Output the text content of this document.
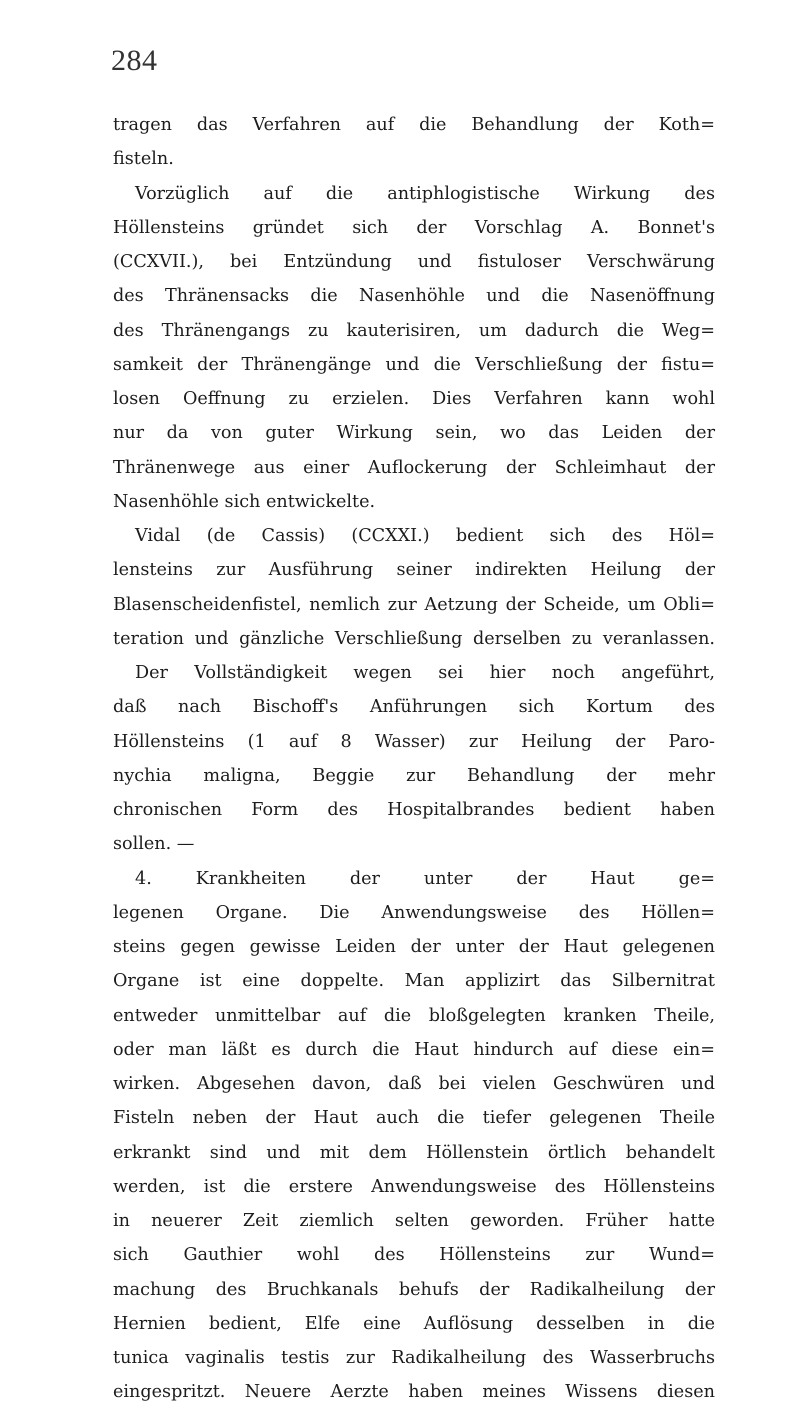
284
tragen das Verfahren auf die Behandlung der Koth=
fisteln.
Vorzüglich auf die antiphlogistische Wirkung des
Höllensteins gründet sich der Vorschlag A. Bonnet's
(CCXVII.), bei Entzündung und fistuloser Verschwärung
des Thränensacks die Nasenhöhle und die Nasenöffnung
des Thränengangs zu kauterisiren, um dadurch die Weg=
samkeit der Thränengänge und die Verschließung der fistu=
losen Oeffnung zu erzielen. Dies Verfahren kann wohl
nur da von guter Wirkung sein, wo das Leiden der
Thränenwege aus einer Auflockerung der Schleimhaut der
Nasenhöhle sich entwickelte.
Vidal (de Cassis) (CCXXI.) bedient sich des Höl=
lensteins zur Ausführung seiner indirekten Heilung der
Blasenscheidenfistel, nemlich zur Aetzung der Scheide, um Obli=
teration und gänzliche Verschließung derselben zu veranlassen.
Der Vollständigkeit wegen sei hier noch angeführt,
daß nach Bischoff's Anführungen sich Kortum des
Höllensteins (1 auf 8 Wasser) zur Heilung der Paro-
nychia maligna, Beggie zur Behandlung der mehr
chronischen Form des Hospitalbrandes bedient haben
sollen. —
4. Krankheiten der unter der Haut ge=
legenen Organe. Die Anwendungsweise des Höllen=
steins gegen gewisse Leiden der unter der Haut gelegenen
Organe ist eine doppelte. Man applizirt das Silbernitrat
entweder unmittelbar auf die bloßgelegten kranken Theile,
oder man läßt es durch die Haut hindurch auf diese ein=
wirken. Abgesehen davon, daß bei vielen Geschwüren und
Fisteln neben der Haut auch die tiefer gelegenen Theile
erkrankt sind und mit dem Höllenstein örtlich behandelt
werden, ist die erstere Anwendungsweise des Höllensteins
in neuerer Zeit ziemlich selten geworden. Früher hatte
sich Gauthier wohl des Höllensteins zur Wund=
machung des Bruchkanals behufs der Radikalheilung der
Hernien bedient, Elfe eine Auflösung desselben in die
tunica vaginalis testis zur Radikalheilung des Wasserbruchs
eingespritzt. Neuere Aerzte haben meines Wissens diesen
